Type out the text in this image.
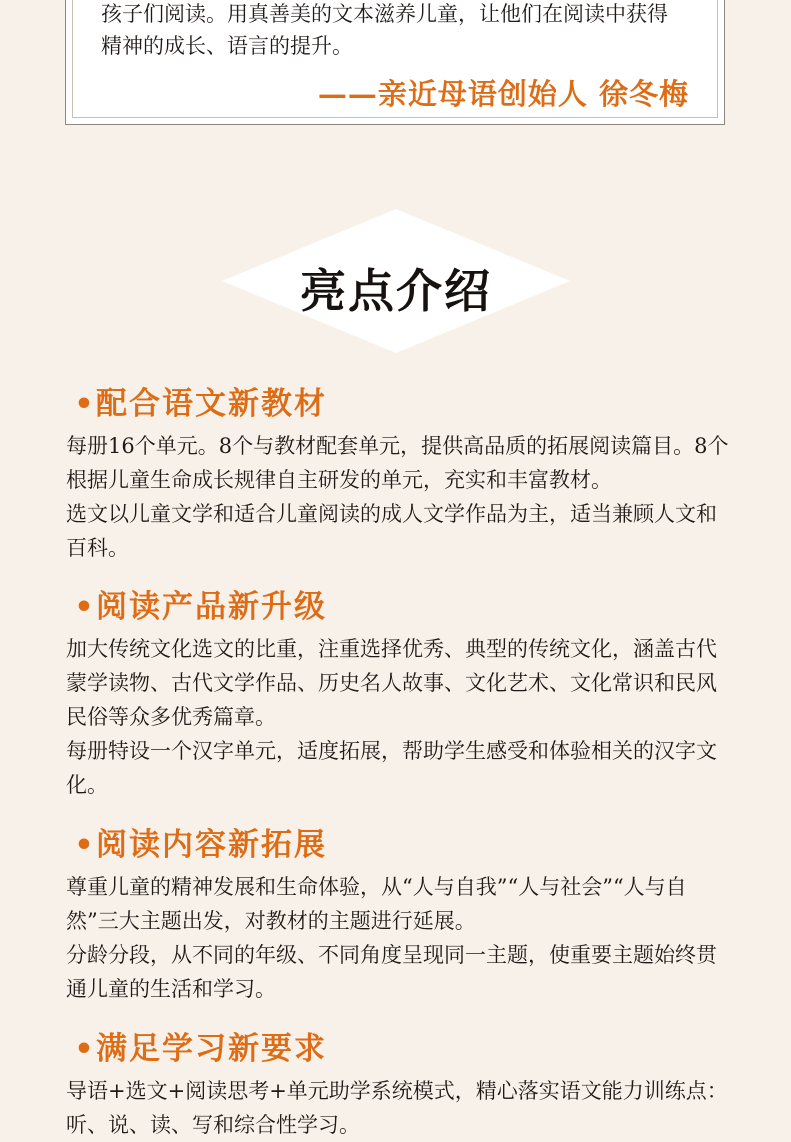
孩子们阅读。用真善美的文本滋养儿童，让他们在阅读中获得
精神的成长、语言的提升。
——亲近母语创始人 徐冬梅
亮点介绍
•配合语文新教材

每册16个单元。8个与教材配套单元，提供高品质的拓展阅读篇目。8个根据儿童生命成长规律自主研发的单元，充实和丰富教材。

选文以儿童文学和适合儿童阅读的成人文学作品为主，适当兼顾人文和百科。

•阅读产品新升级

加大传统文化选文的比重，注重选择优秀、典型的传统文化，涵盖古代蒙学读物、古代文学作品、历史名人故事、文化艺术、文化常识和民风民俗等众多优秀篇章。

每册特设一个汉字单元，适度拓展，帮助学生感受和体验相关的汉字文化。

•阅读内容新拓展

尊重儿童的精神发展和生命体验，从“人与自我”“人与社会”“人与自然”三大主题出发，对教材的主题进行延展。

分龄分段，从不同的年级、不同角度呈现同一主题，使重要主题始终贯通儿童的生活和学习。

•满足学习新要求

导语+选文+阅读思考+单元助学系统模式，精心落实语文能力训练点：听、说、读、写和综合性学习。
